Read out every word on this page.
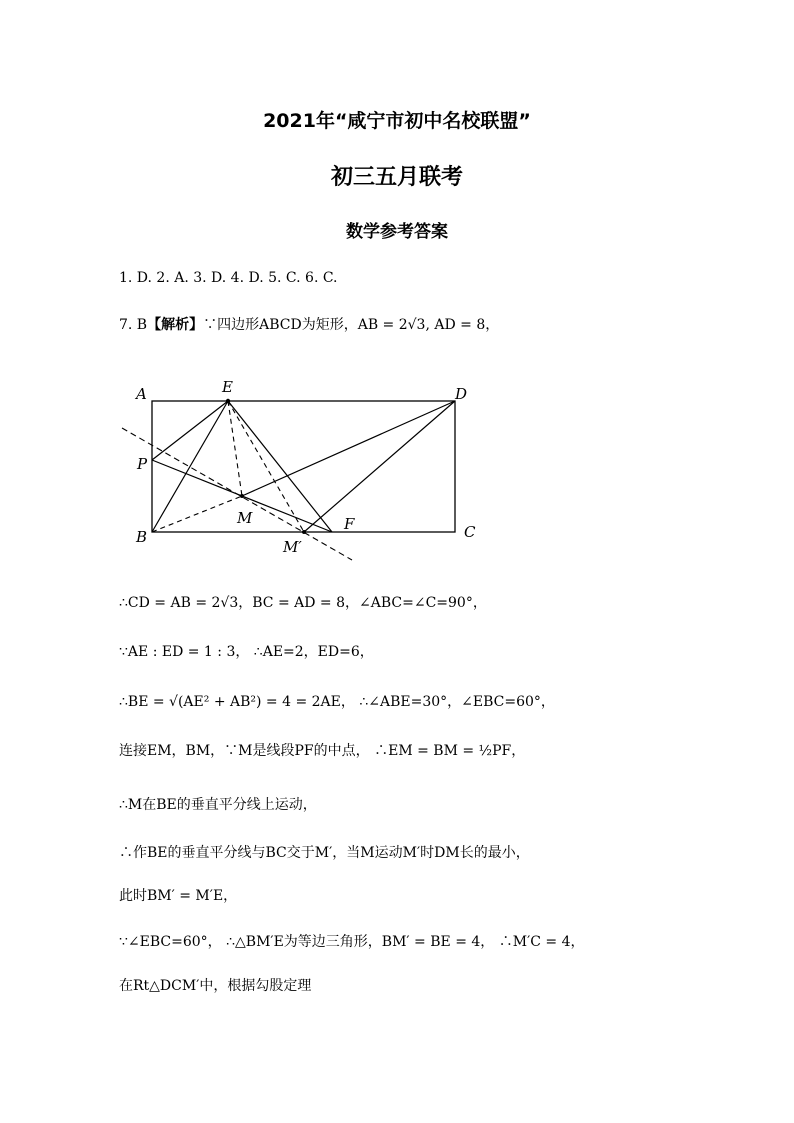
2021年“咸宁市初中名校联盟”
初三五月联考
数学参考答案
1. D. 2. A. 3. D. 4. D. 5. C. 6. C.
7. B【解析】∵四边形ABCD为矩形，AB = 2√3, AD = 8，
A	E	D
P
M	F
B	C
M′
∴CD = AB = 2√3，BC = AD = 8，∠ABC=∠C=90°，
∵AE : ED = 1 : 3， ∴AE=2，ED=6，
∴BE = √(AE² + AB²) = 4 = 2AE， ∴∠ABE=30°，∠EBC=60°，
连接EM，BM，∵M是线段PF的中点， ∴EM = BM = ½PF，
∴M在BE的垂直平分线上运动，
∴作BE的垂直平分线与BC交于M′，当M运动M′时DM长的最小，
此时BM′ = M′E，
∵∠EBC=60°， ∴△BM′E为等边三角形，BM′ = BE = 4， ∴M′C = 4，
在Rt△DCM′中，根据勾股定理
